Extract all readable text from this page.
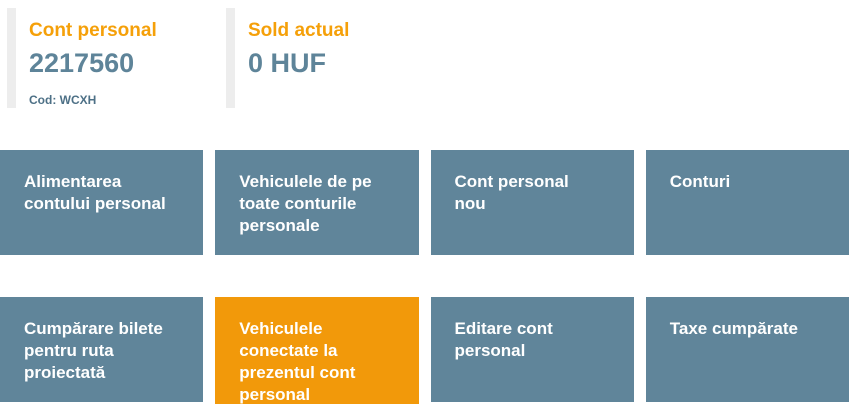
Cont personal
2217560
Cod: WCXH
Sold actual
0 HUF
Alimentarea contului personal
Vehiculele de pe toate conturile personale
Cont personal nou
Conturi
Cumpărare bilete pentru ruta proiectată
Vehiculele conectate la prezentul cont personal
Editare cont personal
Taxe cumpărate
